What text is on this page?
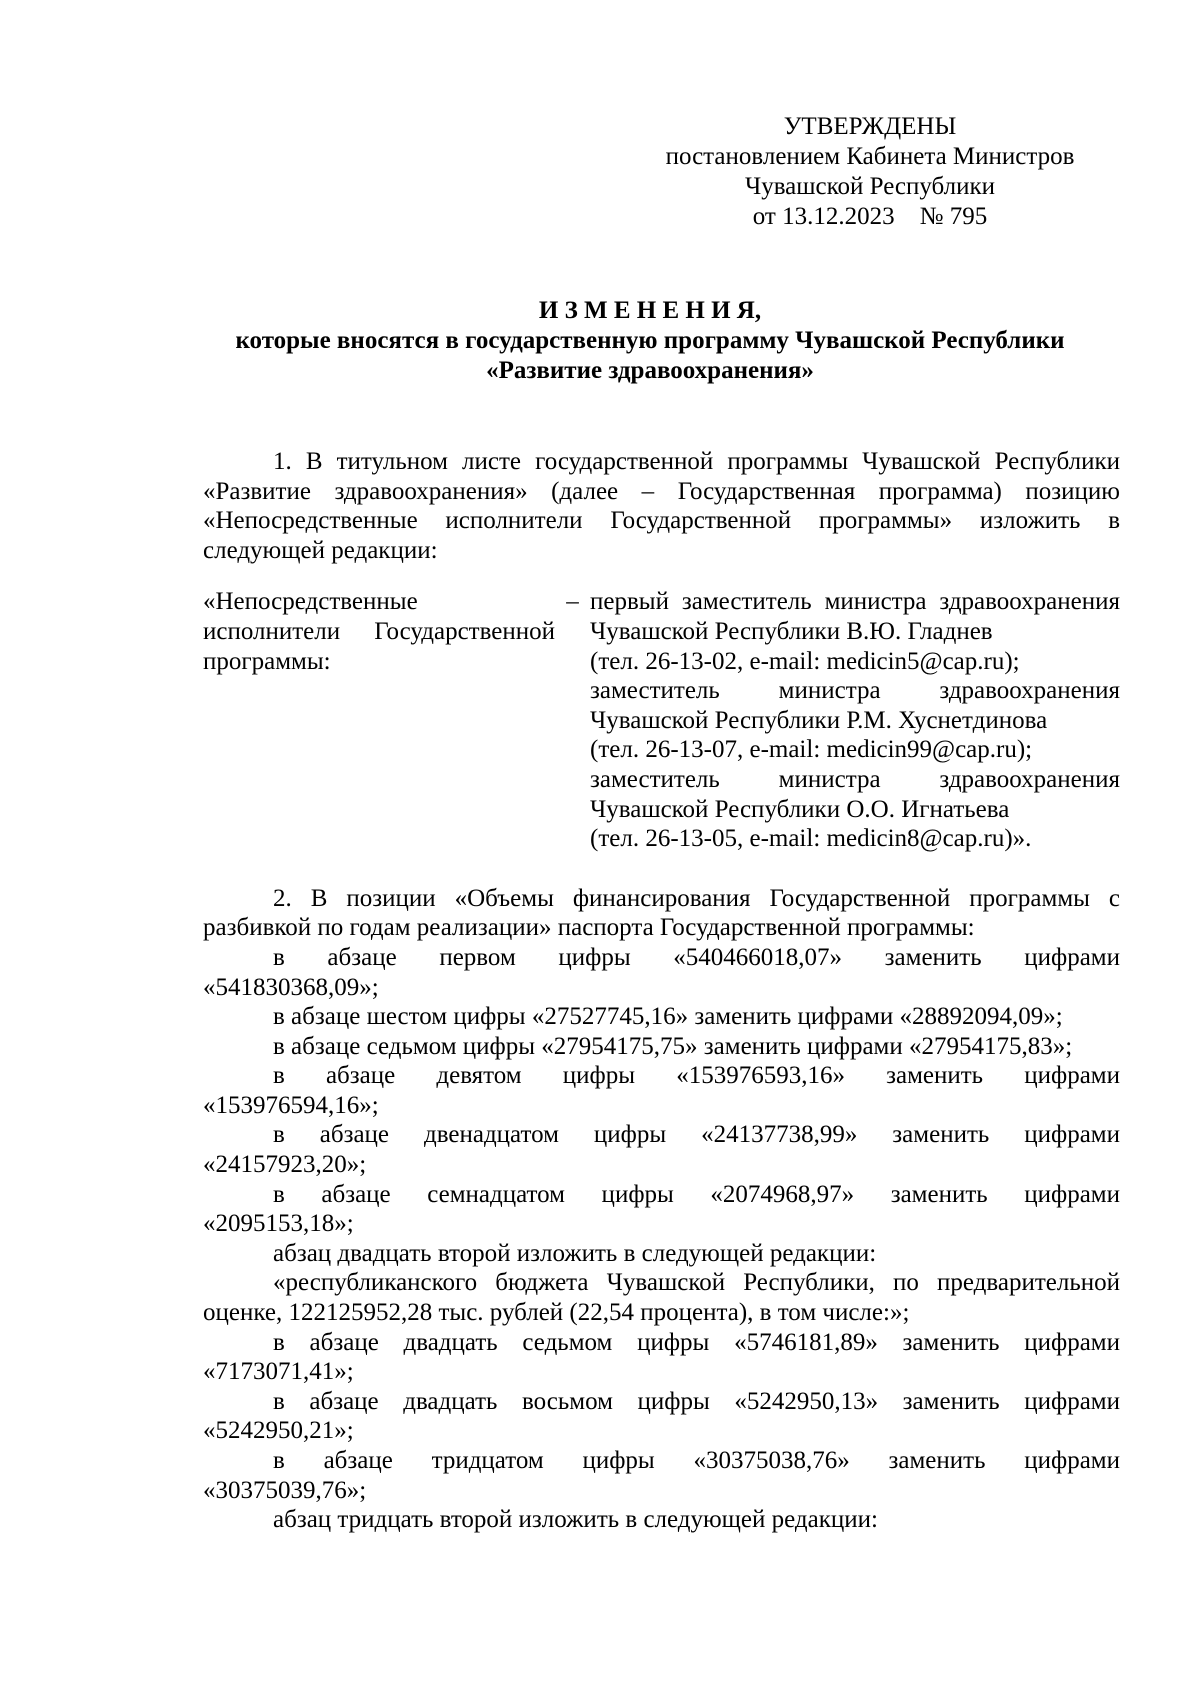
УТВЕРЖДЕНЫ
постановлением Кабинета Министров
Чувашской Республики
от 13.12.2023    № 795
И З М Е Н Е Н И Я,
которые вносятся в государственную программу Чувашской Республики
«Развитие здравоохранения»

1. В титульном листе государственной программы Чувашской Республики «Развитие здравоохранения» (далее – Государственная программа) позицию «Непосредственные исполнители Государственной программы» изложить в следующей редакции:

«Непосредственные исполнители Государственной программы:
– первый заместитель министра здравоохранения Чувашской Республики В.Ю. Гладнев
(тел. 26-13-02, e-mail: medicin5@cap.ru);
заместитель министра здравоохранения Чувашской Республики Р.М. Хуснетдинова
(тел. 26-13-07, e-mail: medicin99@cap.ru);
заместитель министра здравоохранения Чувашской Республики О.О. Игнатьева
(тел. 26-13-05, e-mail: medicin8@cap.ru)».

2. В позиции «Объемы финансирования Государственной программы с разбивкой по годам реализации» паспорта Государственной программы:

в абзаце первом цифры «540466018,07» заменить цифрами

«541830368,09»;

в абзаце шестом цифры «27527745,16» заменить цифрами «28892094,09»;

в абзаце седьмом цифры «27954175,75» заменить цифрами «27954175,83»;

в абзаце девятом цифры «153976593,16» заменить цифрами

«153976594,16»;

в абзаце двенадцатом цифры «24137738,99» заменить цифрами

«24157923,20»;

в абзаце семнадцатом цифры «2074968,97» заменить цифрами

«2095153,18»;

абзац двадцать второй изложить в следующей редакции:

«республиканского бюджета Чувашской Республики, по предварительной оценке, 122125952,28 тыс. рублей (22,54 процента), в том числе:»;

в абзаце двадцать седьмом цифры «5746181,89» заменить цифрами

«7173071,41»;

в абзаце двадцать восьмом цифры «5242950,13» заменить цифрами

«5242950,21»;

в абзаце тридцатом цифры «30375038,76» заменить цифрами

«30375039,76»;

абзац тридцать второй изложить в следующей редакции:
